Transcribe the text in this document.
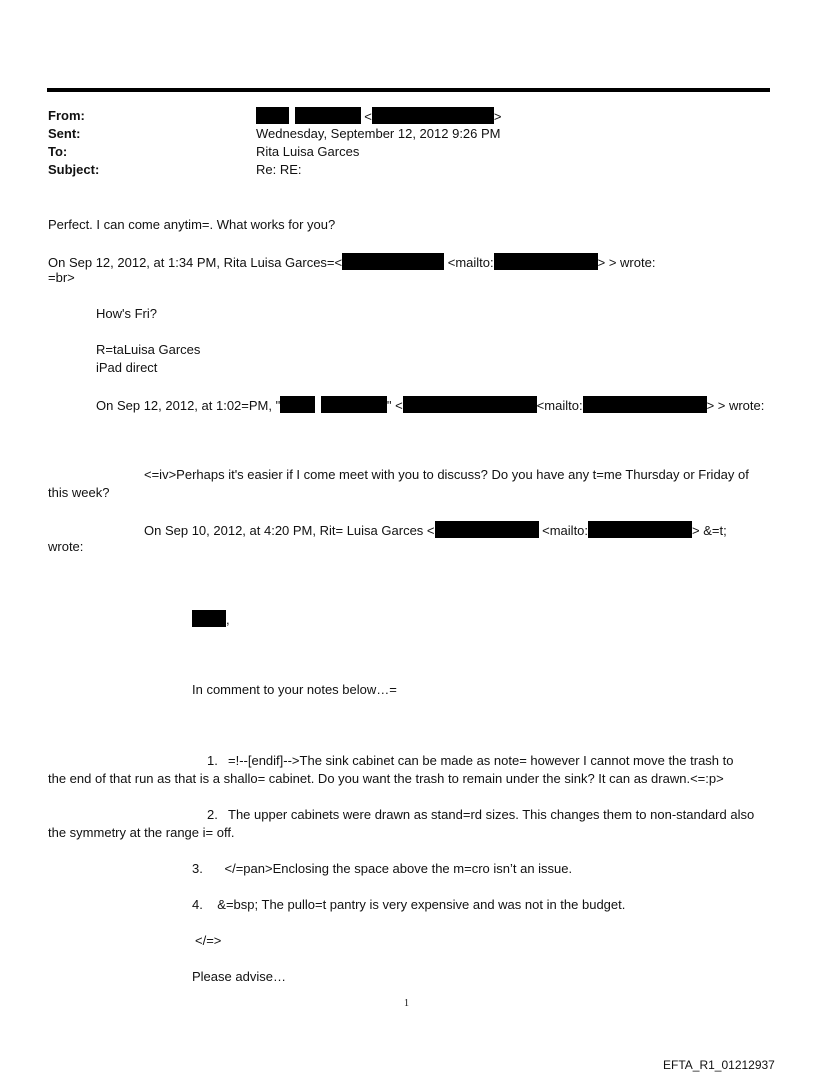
From:	<	>
Sent:	Wednesday, September 12, 2012 9:26 PM
To:	Rita Luisa Garces
Subject:	Re: RE:
Perfect. I can come anytim=. What works for you?
On Sep 12, 2012, at 1:34 PM, Rita Luisa Garces=<	<mailto:	> > wrote:
=br>
How's Fri?
R=taLuisa Garces
iPad direct
On Sep 12, 2012, at 1:02=PM, "	" <	<mailto:	> > wrote:
<=iv>Perhaps it's easier if I come meet with you to discuss? Do you have any t=me Thursday or Friday of
this week?
On Sep 10, 2012, at 4:20 PM, Rit= Luisa Garces <	<mailto:	> &=t;
wrote:
,
In comment to your notes below…=
1. =!--[endif]-->The sink cabinet can be made as note= however I cannot move the trash to
the end of that run as that is a shallo= cabinet. Do you want the trash to remain under the sink? It can as drawn.<=:p>
2. The upper cabinets were drawn as stand=rd sizes. This changes them to non-standard also
the symmetry at the range i= off.
3.      </=pan>Enclosing the space above the m=cro isn’t an issue.
4.    &=bsp; The pullo=t pantry is very expensive and was not in the budget.
</=>
Please advise…
1
EFTA_R1_01212937
